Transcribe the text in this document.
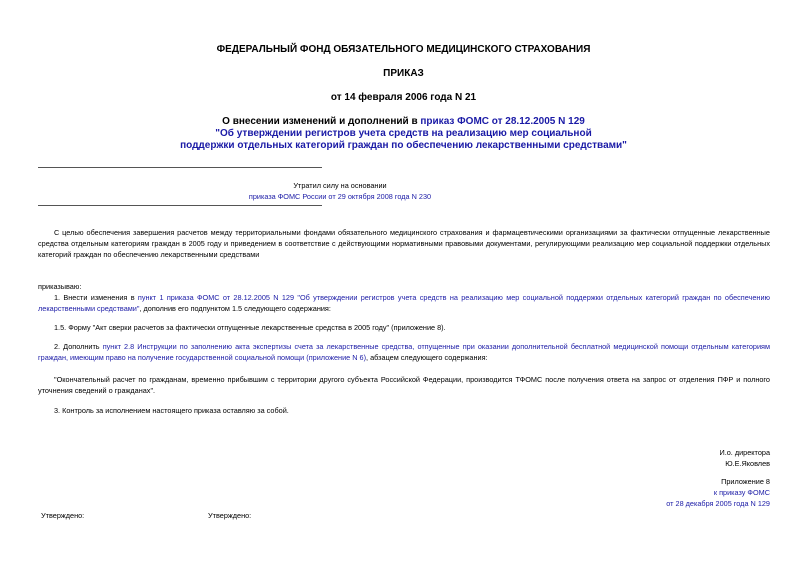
ФЕДЕРАЛЬНЫЙ ФОНД ОБЯЗАТЕЛЬНОГО МЕДИЦИНСКОГО СТРАХОВАНИЯ
ПРИКАЗ
от 14 февраля 2006 года N 21
О внесении изменений и дополнений в приказ ФОМС от 28.12.2005 N 129
"Об утверждении регистров учета средств на реализацию мер социальной
поддержки отдельных категорий граждан по обеспечению лекарственными средствами"
Утратил силу на основании
приказа ФОМС России от 29 октября 2008 года N 230
С целью обеспечения завершения расчетов между территориальными фондами обязательного медицинского страхования и фармацевтическими организациями за фактически отпущенные лекарственные средства отдельным категориям граждан в 2005 году и приведением в соответствие с действующими нормативными правовыми документами, регулирующими реализацию мер социальной поддержки отдельных категорий граждан по обеспечению лекарственными средствами
приказываю:
1. Внести изменения в пункт 1 приказа ФОМС от 28.12.2005 N 129 "Об утверждении регистров учета средств на реализацию мер социальной поддержки отдельных категорий граждан по обеспечению лекарственными средствами", дополнив его подпунктом 1.5 следующего содержания:
1.5. Форму "Акт сверки расчетов за фактически отпущенные лекарственные средства в 2005 году" (приложение 8).
2. Дополнить пункт 2.8 Инструкции по заполнению акта экспертизы счета за лекарственные средства, отпущенные при оказании дополнительной бесплатной медицинской помощи отдельным категориям граждан, имеющим право на получение государственной социальной помощи (приложение N 6), абзацем следующего содержания:
"Окончательный расчет по гражданам, временно прибывшим с территории другого субъекта Российской Федерации, производится ТФОМС после получения ответа на запрос от отделения ПФР и полного уточнения сведений о гражданах".
3. Контроль за исполнением настоящего приказа оставляю за собой.
И.о. директора
Ю.Е.Яковлев
Приложение 8
к приказу ФОМС
от 28 декабря 2005 года N 129
Утверждено:	Утверждено:
